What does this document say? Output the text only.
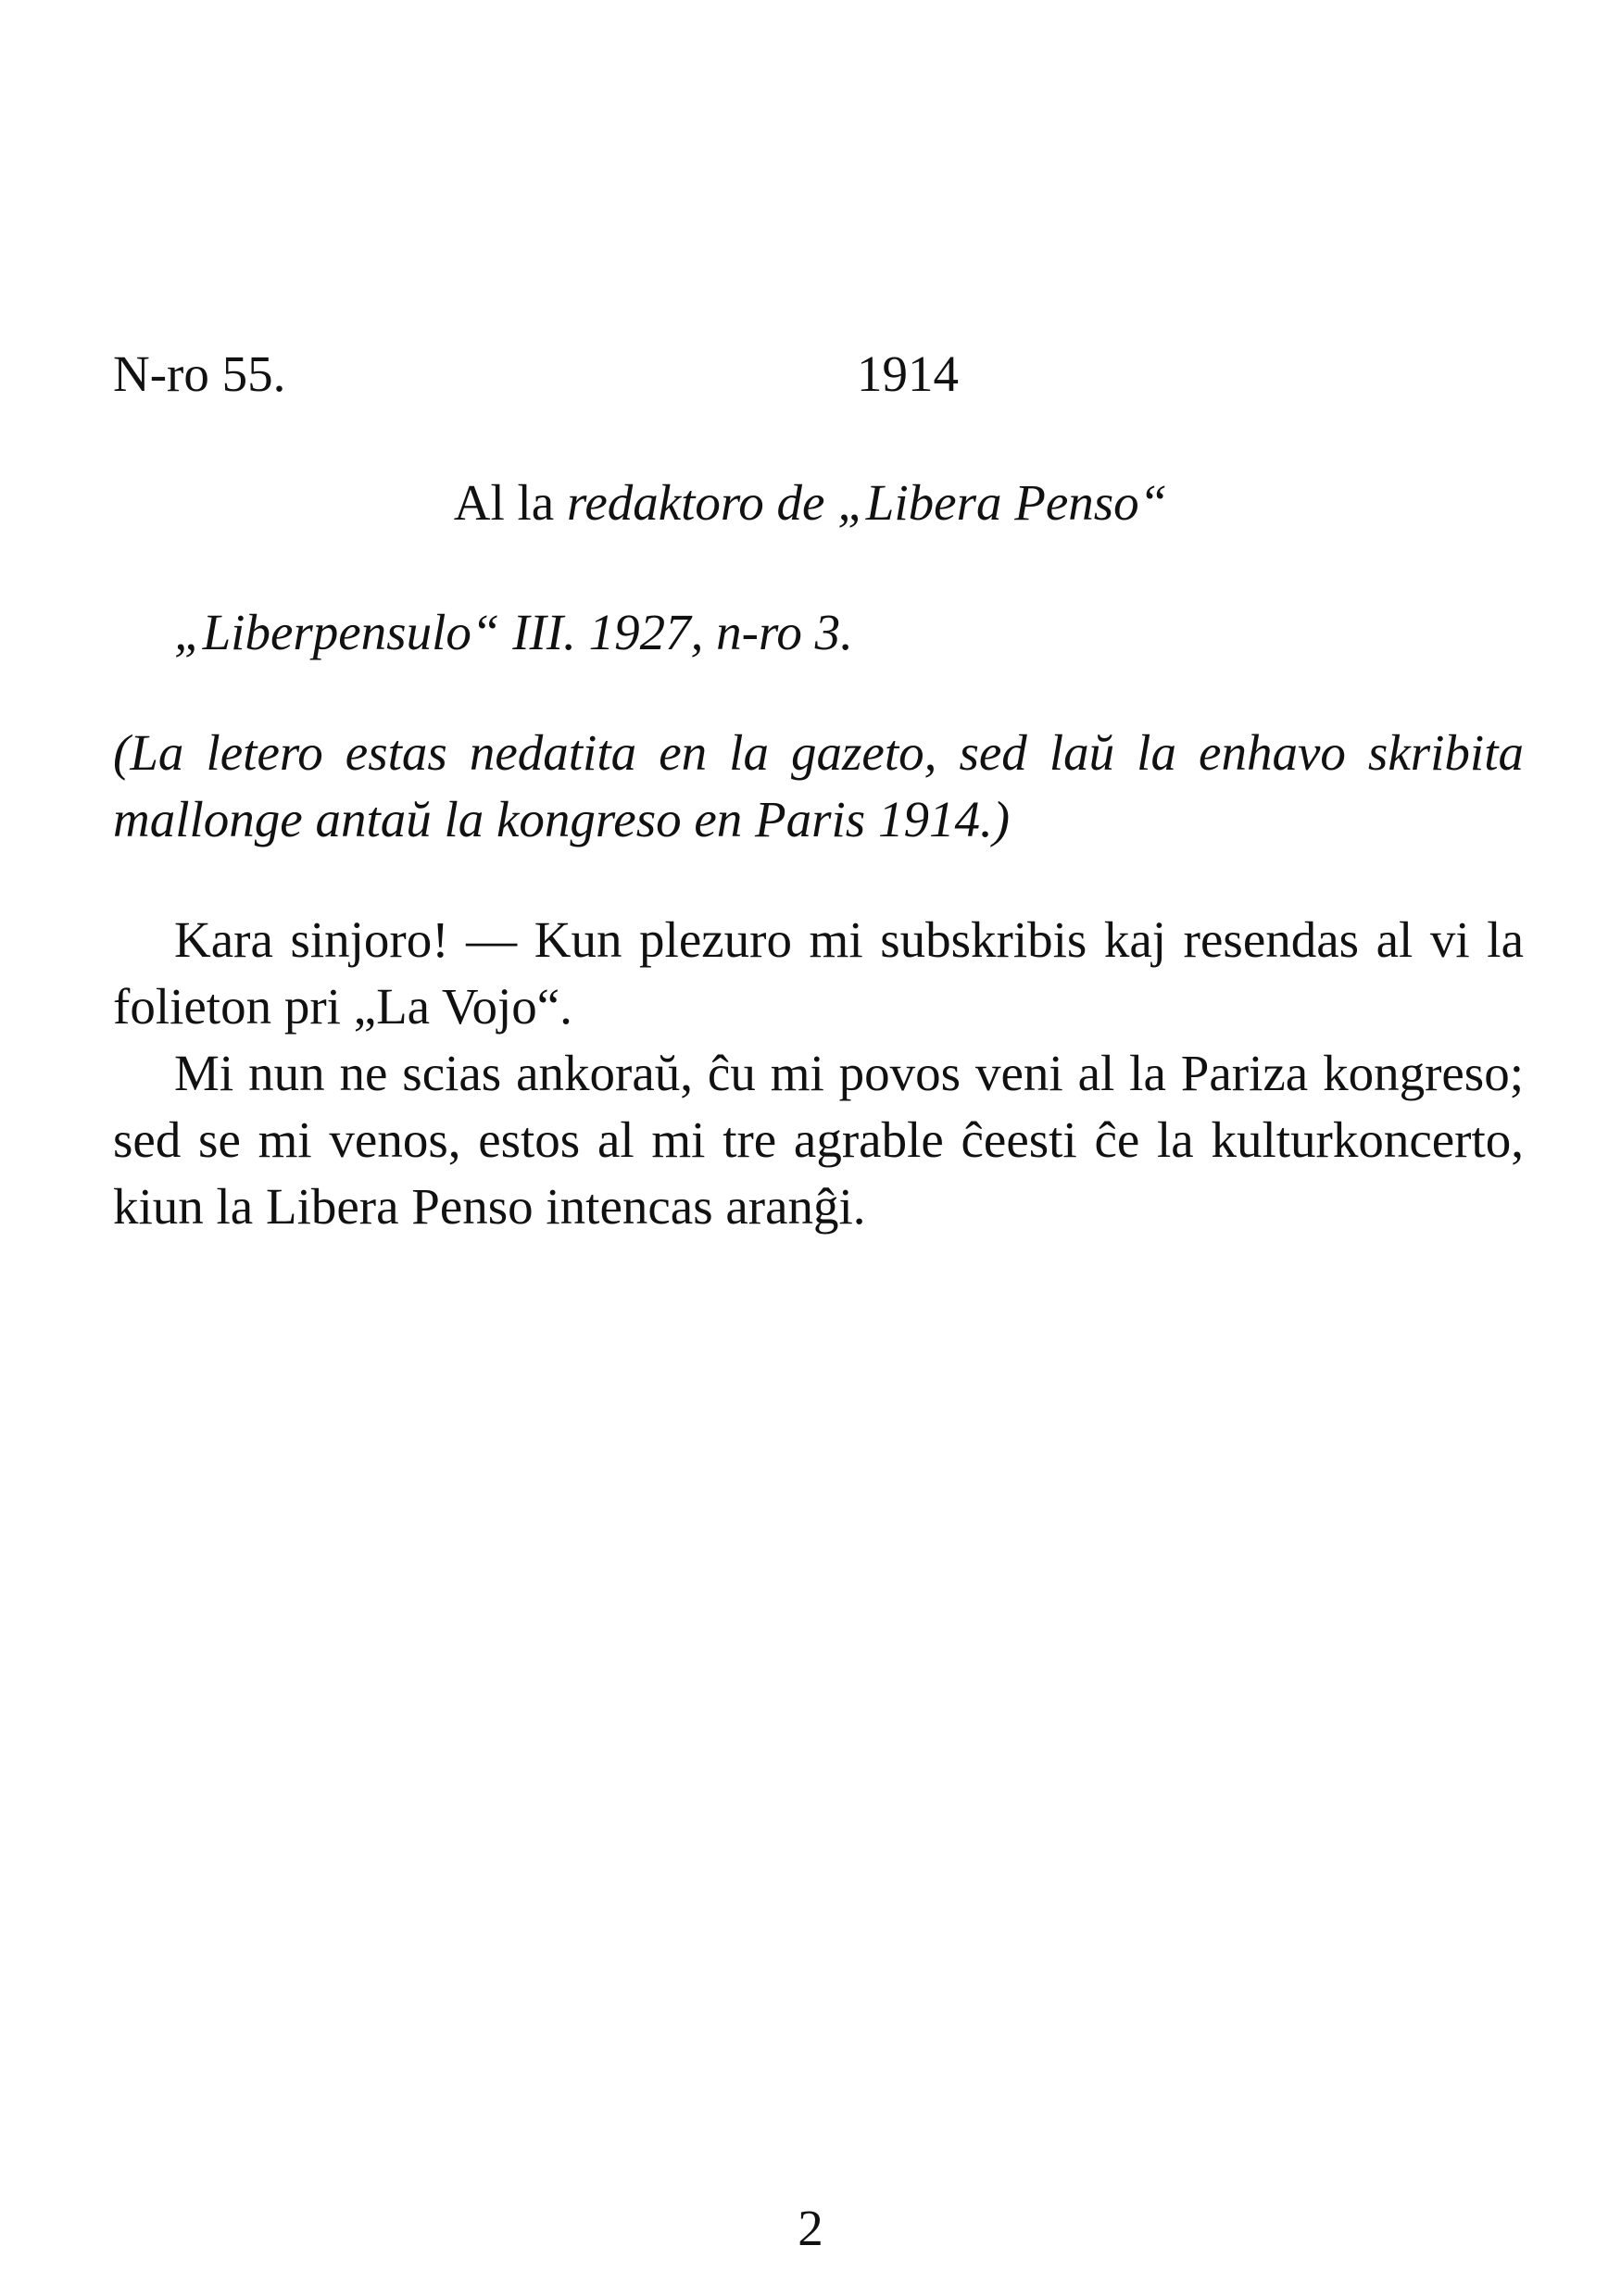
N-ro 55.	1914
Al la redaktoro de „Libera Penso“
„Liberpensulo“ III. 1927, n-ro 3.
(La letero estas nedatita en la gazeto, sed laŭ la enhavo skribita mallonge antaŭ la kongreso en Paris 1914.)
Kara sinjoro! — Kun plezuro mi subskribis kaj resendas al vi la folieton pri „La Vojo“.
Mi nun ne scias ankoraŭ, ĉu mi povos veni al la Pariza kongreso; sed se mi venos, estos al mi tre agrable ĉeesti ĉe la kulturkoncerto, kiun la Libera Penso intencas aranĝi.
2
